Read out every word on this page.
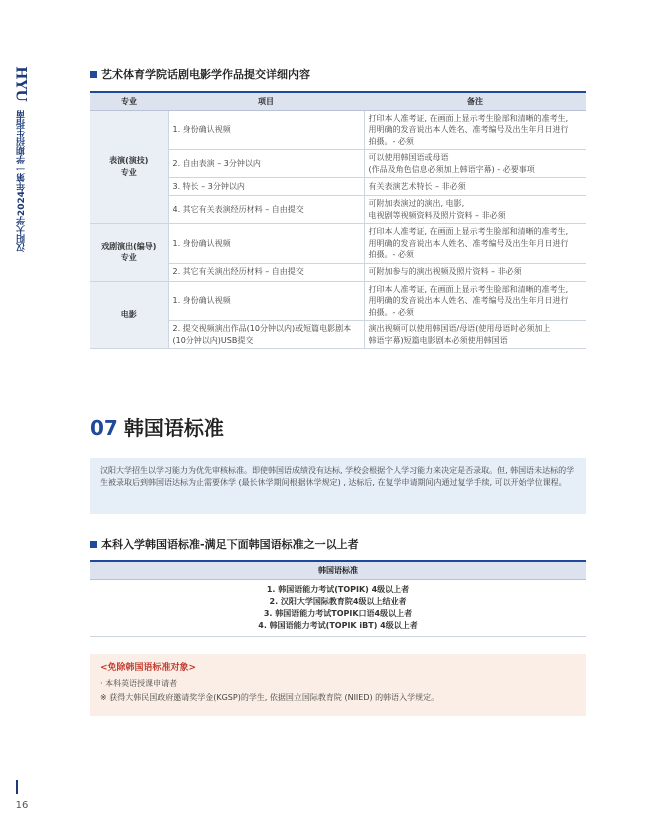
HYU
汉阳大学2024年第一学期招生指南
16
艺术体育学院话剧电影学作品提交详细内容
专业	项目	备注
表演(演技)
专业	1. 身份确认视频	打印本人准考证, 在画面上显示考生脸部和清晰的准考生,
用明确的发音说出本人姓名、准考编号及出生年月日进行
拍摄。- 必须
	2. 自由表演 – 3分钟以内	可以使用韩国语或母语
(作品及角色信息必须加上韩语字幕) - 必要事项
	3. 特长 – 3分钟以内	有关表演艺术特长 – 非必须
	4. 其它有关表演经历材料 – 自由提交	可附加表演过的演出, 电影,
电视剧等视频资料及照片资料 – 非必须
戏剧演出(编导)
专业	1. 身份确认视频	打印本人准考证, 在画面上显示考生脸部和清晰的准考生,
用明确的发音说出本人姓名、准考编号及出生年月日进行
拍摄。- 必须
	2. 其它有关演出经历材料 – 自由提交	可附加参与的演出视频及照片资料 – 非必须
电影	1. 身份确认视频	打印本人准考证, 在画面上显示考生脸部和清晰的准考生,
用明确的发音说出本人姓名、准考编号及出生年月日进行
拍摄。- 必须
	2. 提交视频演出作品(10分钟以内)或短篇电影剧本
(10分钟以内)USB提交	演出视频可以使用韩国语/母语(使用母语时必须加上
韩语字幕)短篇电影剧本必须使用韩国语
07 韩国语标准
汉阳大学招生以学习能力为优先审核标准。即使韩国语成绩没有达标, 学校会根据个人学习能力来决定是否录取。但, 韩国语未达标的学生被录取后到韩国语达标为止需要休学 (最长休学期间根据休学规定) , 达标后, 在复学申请期间内通过复学手续, 可以开始学位课程。
本科入学韩国语标准-满足下面韩国语标准之一以上者
韩国语标准

1. 韩国语能力考试(TOPIK) 4级以上者
2. 汉阳大学国际教育院4级以上结业者
3. 韩国语能力考试TOPIK口语4级以上者
4. 韩国语能力考试(TOPIK iBT) 4级以上者
<免除韩国语标准对象>
· 本科英语授课申请者
※ 获得大韩民国政府邀请奖学金(KGSP)的学生, 依据国立国际教育院 (NIIED) 的韩语入学规定。
